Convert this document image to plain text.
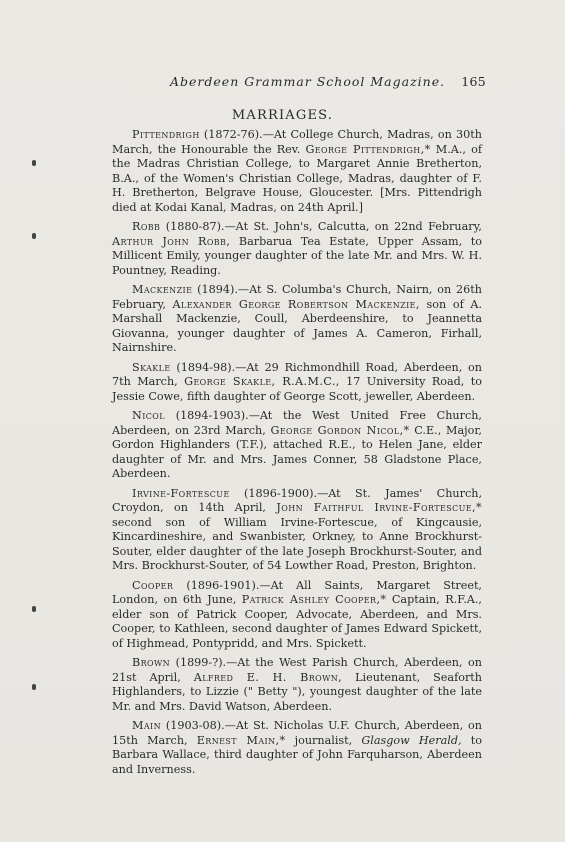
Aberdeen Grammar School Magazine. 165
MARRIAGES.

Pittendrigh (1872-76).—At College Church, Madras, on 30th March, the Honourable the Rev. George Pittendrigh,* M.A., of the Madras Christian College, to Margaret Annie Bretherton, B.A., of the Women's Christian College, Madras, daughter of F. H. Bretherton, Belgrave House, Gloucester. [Mrs. Pittendrigh died at Kodai Kanal, Madras, on 24th April.]

Robb (1880-87).—At St. John's, Calcutta, on 22nd February, Arthur John Robb, Barbarua Tea Estate, Upper Assam, to Millicent Emily, younger daughter of the late Mr. and Mrs. W. H. Pountney, Reading.

Mackenzie (1894).—At S. Columba's Church, Nairn, on 26th February, Alexander George Robertson Mackenzie, son of A. Marshall Mackenzie, Coull, Aberdeenshire, to Jeannetta Giovanna, younger daughter of James A. Cameron, Firhall, Nairnshire.

Skakle (1894-98).—At 29 Richmondhill Road, Aberdeen, on 7th March, George Skakle, R.A.M.C., 17 University Road, to Jessie Cowe, fifth daughter of George Scott, jeweller, Aberdeen.

Nicol (1894-1903).—At the West United Free Church, Aberdeen, on 23rd March, George Gordon Nicol,* C.E., Major, Gordon Highlanders (T.F.), attached R.E., to Helen Jane, elder daughter of Mr. and Mrs. James Conner, 58 Gladstone Place, Aberdeen.

Irvine-Fortescue (1896-1900).—At St. James' Church, Croydon, on 14th April, John Faithful Irvine-Fortescue,* second son of William Irvine-Fortescue, of Kingcausie, Kincardineshire, and Swanbister, Orkney, to Anne Brockhurst-Souter, elder daughter of the late Joseph Brockhurst-Souter, and Mrs. Brockhurst-Souter, of 54 Lowther Road, Preston, Brighton.

Cooper (1896-1901).—At All Saints, Margaret Street, London, on 6th June, Patrick Ashley Cooper,* Captain, R.F.A., elder son of Patrick Cooper, Advocate, Aberdeen, and Mrs. Cooper, to Kathleen, second daughter of James Edward Spickett, of Highmead, Pontypridd, and Mrs. Spickett.

Brown (1899-?).—At the West Parish Church, Aberdeen, on 21st April, Alfred E. H. Brown, Lieutenant, Seaforth Highlanders, to Lizzie (" Betty "), youngest daughter of the late Mr. and Mrs. David Watson, Aberdeen.

Main (1903-08).—At St. Nicholas U.F. Church, Aberdeen, on 15th March, Ernest Main,* journalist, Glasgow Herald, to Barbara Wallace, third daughter of John Farquharson, Aberdeen and Inverness.
